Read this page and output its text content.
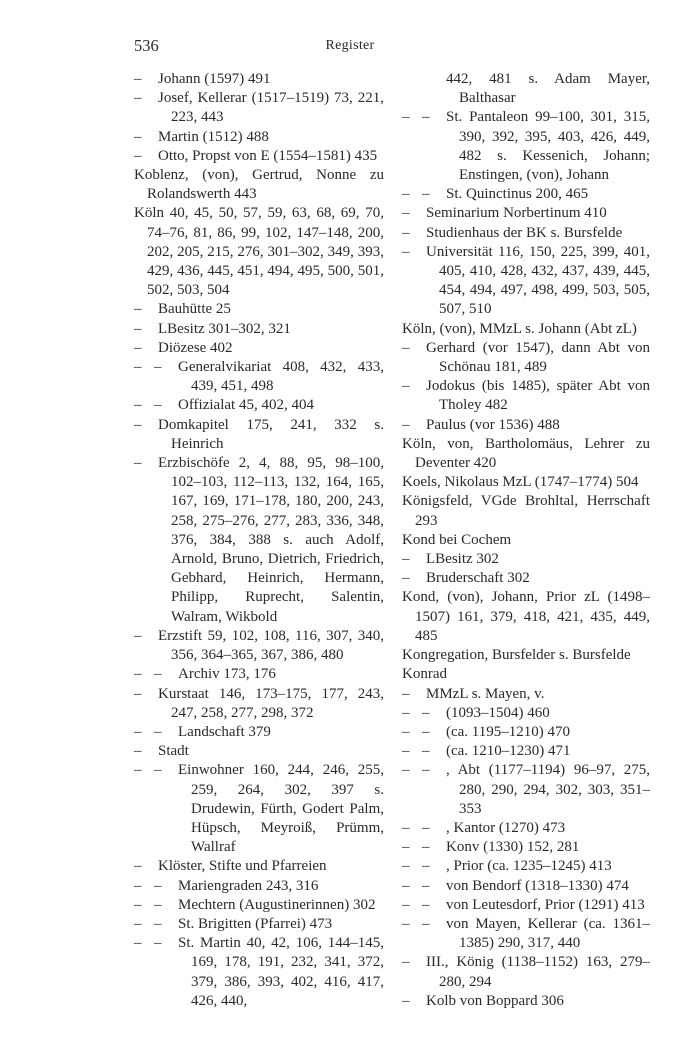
536	Register
–	Johann (1597) 491
–	Josef, Kellerar (1517–1519) 73, 221, 223, 443
–	Martin (1512) 488
–	Otto, Propst von E (1554–1581) 435
Koblenz, (von), Gertrud, Nonne zu Rolandswerth 443
Köln 40, 45, 50, 57, 59, 63, 68, 69, 70, 74–76, 81, 86, 99, 102, 147–148, 200, 202, 205, 215, 276, 301–302, 349, 393, 429, 436, 445, 451, 494, 495, 500, 501, 502, 503, 504
–	Bauhütte 25
–	LBesitz 301–302, 321
–	Diözese 402
– –	Generalvikariat 408, 432, 433, 439, 451, 498
– –	Offizialat 45, 402, 404
–	Domkapitel 175, 241, 332 s. Heinrich
–	Erzbischöfe 2, 4, 88, 95, 98–100, 102–103, 112–113, 132, 164, 165, 167, 169, 171–178, 180, 200, 243, 258, 275–276, 277, 283, 336, 348, 376, 384, 388 s. auch Adolf, Arnold, Bruno, Dietrich, Friedrich, Gebhard, Heinrich, Hermann, Philipp, Ruprecht, Salentin, Walram, Wikbold
–	Erzstift 59, 102, 108, 116, 307, 340, 356, 364–365, 367, 386, 480
– –	Archiv 173, 176
–	Kurstaat 146, 173–175, 177, 243, 247, 258, 277, 298, 372
– –	Landschaft 379
–	Stadt
– –	Einwohner 160, 244, 246, 255, 259, 264, 302, 397 s. Drudewin, Fürth, Godert Palm, Hüpsch, Meyroiß, Prümm, Wallraf
–	Klöster, Stifte und Pfarreien
– –	Mariengraden 243, 316
– –	Mechtern (Augustinerinnen) 302
– –	St. Brigitten (Pfarrei) 473
– –	St. Martin 40, 42, 106, 144–145, 169, 178, 191, 232, 341, 372, 379, 386, 393, 402, 416, 417, 426, 440,
442, 481 s. Adam Mayer, Balthasar
– –	St. Pantaleon 99–100, 301, 315, 390, 392, 395, 403, 426, 449, 482 s. Kessenich, Johann; Enstingen, (von), Johann
– –	St. Quinctinus 200, 465
–	Seminarium Norbertinum 410
–	Studienhaus der BK s. Bursfelde
–	Universität 116, 150, 225, 399, 401, 405, 410, 428, 432, 437, 439, 445, 454, 494, 497, 498, 499, 503, 505, 507, 510
Köln, (von), MMzL s. Johann (Abt zL)
–	Gerhard (vor 1547), dann Abt von Schönau 181, 489
–	Jodokus (bis 1485), später Abt von Tholey 482
–	Paulus (vor 1536) 488
Köln, von, Bartholomäus, Lehrer zu Deventer 420
Koels, Nikolaus MzL (1747–1774) 504
Königsfeld, VGde Brohltal, Herrschaft 293
Kond bei Cochem
–	LBesitz 302
–	Bruderschaft 302
Kond, (von), Johann, Prior zL (1498–1507) 161, 379, 418, 421, 435, 449, 485
Kongregation, Bursfelder s. Bursfelde
Konrad
–	MMzL s. Mayen, v.
– –	(1093–1504) 460
– –	(ca. 1195–1210) 470
– –	(ca. 1210–1230) 471
– –	, Abt (1177–1194) 96–97, 275, 280, 290, 294, 302, 303, 351–353
– –	, Kantor (1270) 473
– –	Konv (1330) 152, 281
– –	, Prior (ca. 1235–1245) 413
– –	von Bendorf (1318–1330) 474
– –	von Leutesdorf, Prior (1291) 413
– –	von Mayen, Kellerar (ca. 1361–1385) 290, 317, 440
–	III., König (1138–1152) 163, 279–280, 294
–	Kolb von Boppard 306
